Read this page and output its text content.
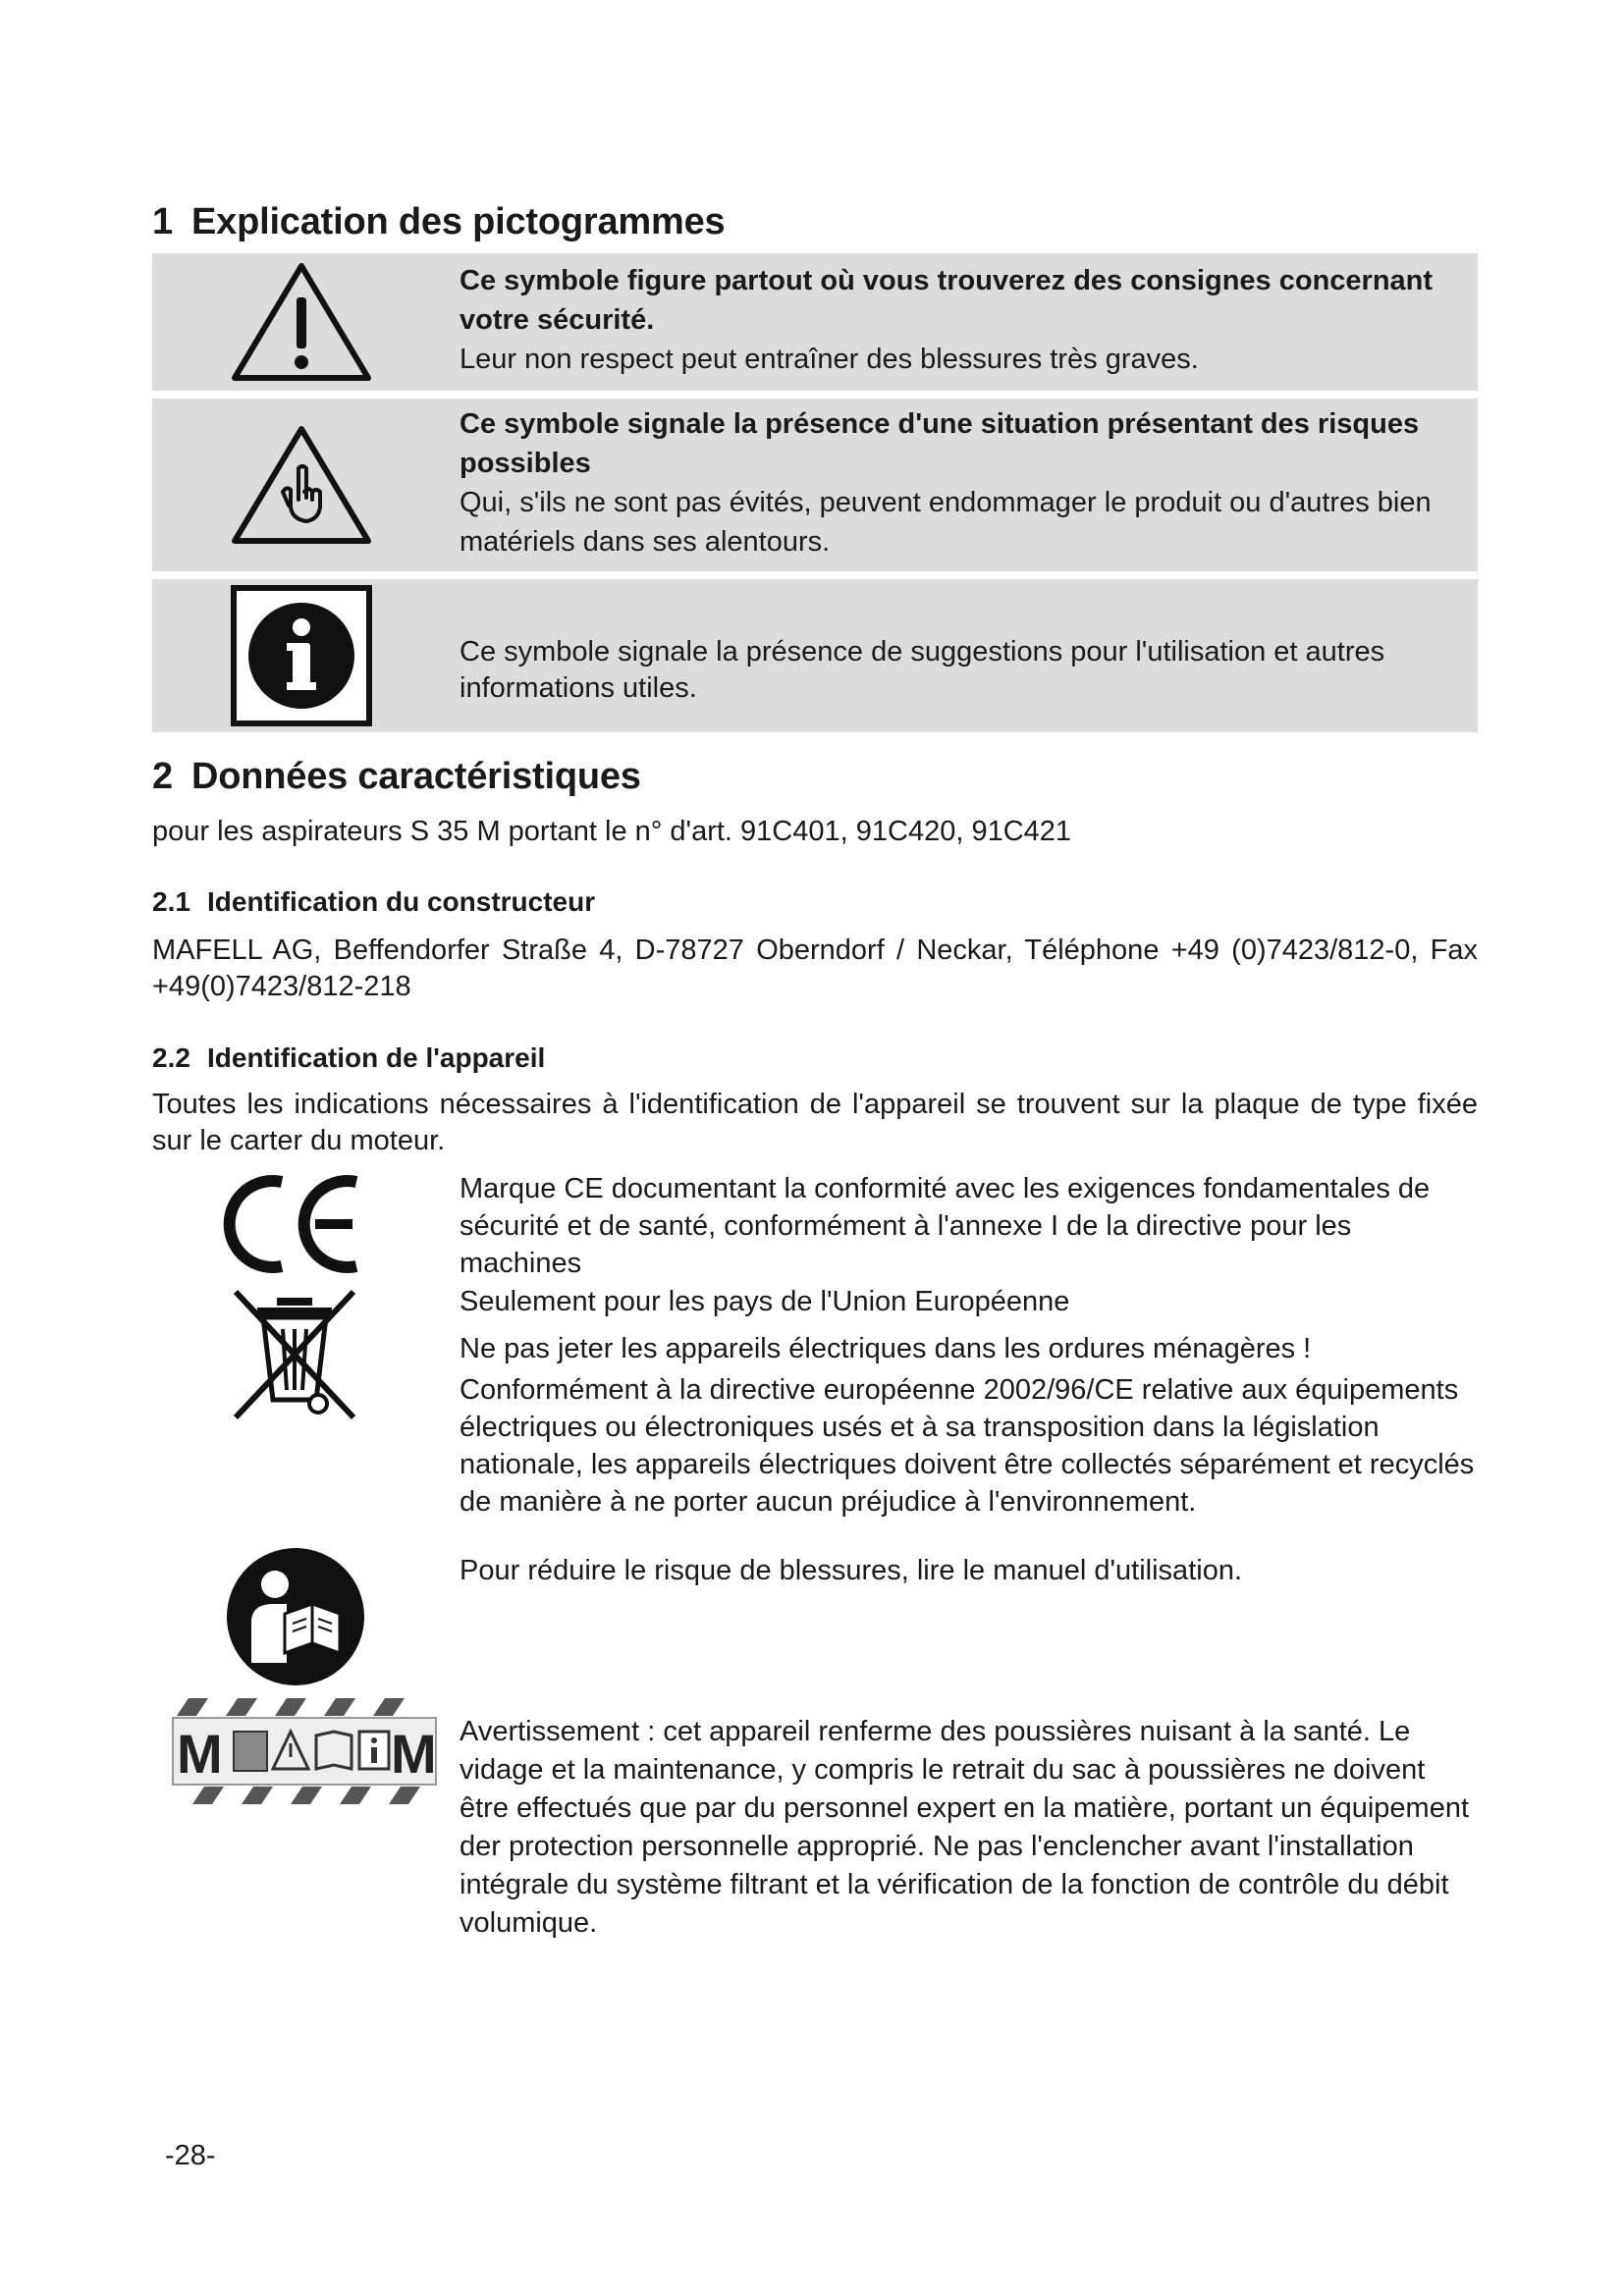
1 Explication des pictogrammes
Ce symbole figure partout où vous trouverez des consignes concernant votre sécurité.
Leur non respect peut entraîner des blessures très graves.
Ce symbole signale la présence d'une situation présentant des risques possibles
Qui, s'ils ne sont pas évités, peuvent endommager le produit ou d'autres bien matériels dans ses alentours.
Ce symbole signale la présence de suggestions pour l'utilisation et autres informations utiles.
2 Données caractéristiques

pour les aspirateurs S 35 M portant le n° d'art. 91C401, 91C420, 91C421

2.1 Identification du constructeur

MAFELL AG, Beffendorfer Straße 4, D-78727 Oberndorf / Neckar, Téléphone +49 (0)7423/812-0, Fax +49(0)7423/812-218

2.2 Identification de l'appareil

Toutes les indications nécessaires à l'identification de l'appareil se trouvent sur la plaque de type fixée sur le carter du moteur.

Marque CE documentant la conformité avec les exigences fondamentales de sécurité et de santé, conformément à l'annexe I de la directive pour les machines

Seulement pour les pays de l'Union Européenne

Ne pas jeter les appareils électriques dans les ordures ménagères !

Conformément à la directive européenne 2002/96/CE relative aux équipements électriques ou électroniques usés et à sa transposition dans la législation nationale, les appareils électriques doivent être collectés séparément et recyclés de manière à ne porter aucun préjudice à l'environnement.

Pour réduire le risque de blessures, lire le manuel d'utilisation.

M	M Avertissement : cet appareil renferme des poussières nuisant à la santé. Le vidage et la maintenance, y compris le retrait du sac à poussières ne doivent être effectués que par du personnel expert en la matière, portant un équipement der protection personnelle approprié. Ne pas l'enclencher avant l'installation intégrale du système filtrant et la vérification de la fonction de contrôle du débit volumique.

-28-
